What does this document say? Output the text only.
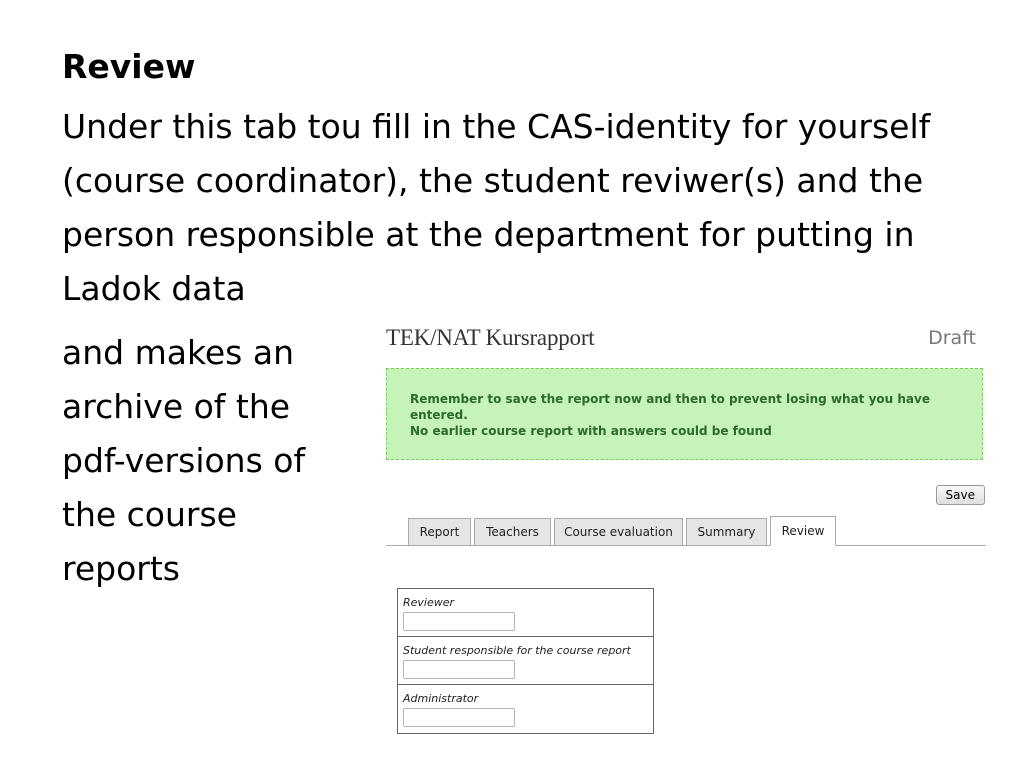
Review

Under this tab tou fill in the CAS-identity for yourself (course coordinator), the student reviwer(s) and the person responsible at the department for putting in Ladok data

and makes an archive of the pdf-versions of the course reports

TEK/NAT Kursrapport	Draft
Remember to save the report now and then to prevent losing what you have entered.
No earlier course report with answers could be found
Save
Report	Teachers	Course evaluation	Summary	Review
Reviewer
Student responsible for the course report
Administrator
